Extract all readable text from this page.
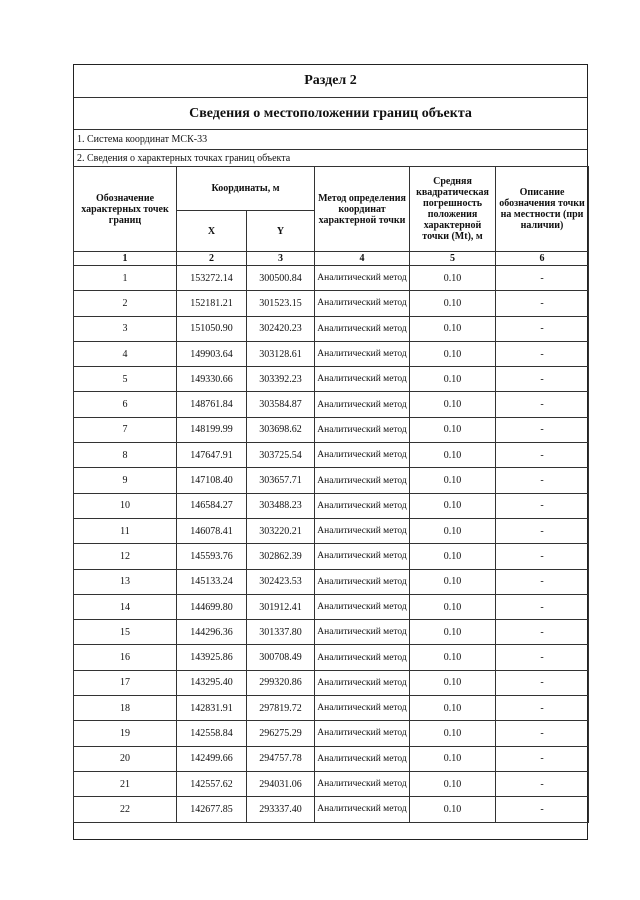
Раздел 2
Сведения о местоположении границ объекта
1. Система координат МСК-33
2. Сведения о характерных точках границ объекта
Обозначение характерных точек границ	Координаты, м		Метод определения координат характерной точки	Средняя квадратическая погрешность положения характерной точки (Mt), м	Описание обозначения точки на местности (при наличии)
	X	Y			
1	2	3	4	5	6
1	153272.14	300500.84	Аналитический метод	0.10	-
2	152181.21	301523.15	Аналитический метод	0.10	-
3	151050.90	302420.23	Аналитический метод	0.10	-
4	149903.64	303128.61	Аналитический метод	0.10	-
5	149330.66	303392.23	Аналитический метод	0.10	-
6	148761.84	303584.87	Аналитический метод	0.10	-
7	148199.99	303698.62	Аналитический метод	0.10	-
8	147647.91	303725.54	Аналитический метод	0.10	-
9	147108.40	303657.71	Аналитический метод	0.10	-
10	146584.27	303488.23	Аналитический метод	0.10	-
11	146078.41	303220.21	Аналитический метод	0.10	-
12	145593.76	302862.39	Аналитический метод	0.10	-
13	145133.24	302423.53	Аналитический метод	0.10	-
14	144699.80	301912.41	Аналитический метод	0.10	-
15	144296.36	301337.80	Аналитический метод	0.10	-
16	143925.86	300708.49	Аналитический метод	0.10	-
17	143295.40	299320.86	Аналитический метод	0.10	-
18	142831.91	297819.72	Аналитический метод	0.10	-
19	142558.84	296275.29	Аналитический метод	0.10	-
20	142499.66	294757.78	Аналитический метод	0.10	-
21	142557.62	294031.06	Аналитический метод	0.10	-
22	142677.85	293337.40	Аналитический метод	0.10	-
